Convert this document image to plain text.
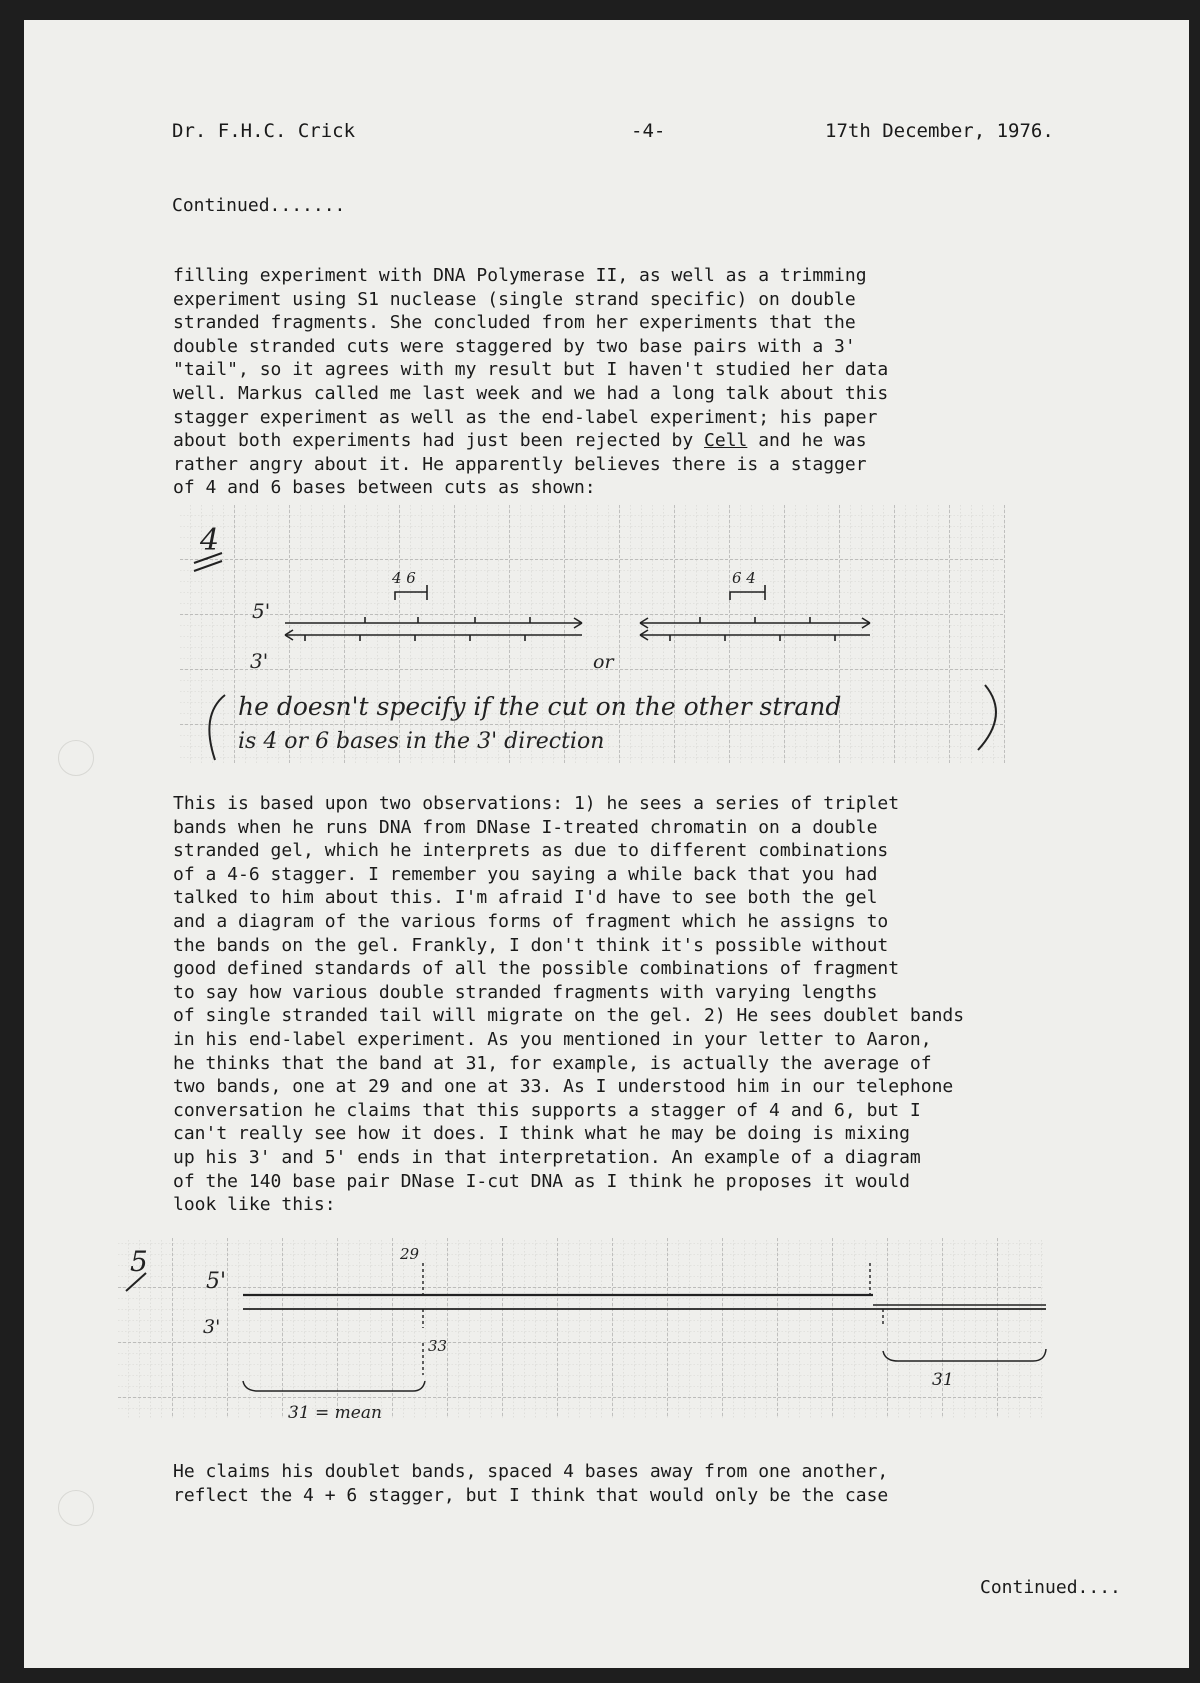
Dr. F.H.C. Crick	-4-	17th December, 1976.
Continued.......
filling experiment with DNA Polymerase II, as well as a trimming
experiment using S1 nuclease (single strand specific) on double
stranded fragments. She concluded from her experiments that the
double stranded cuts were staggered by two base pairs with a 3'
"tail", so it agrees with my result but I haven't studied her data
well. Markus called me last week and we had a long talk about this
stagger experiment as well as the end-label experiment; his paper
about both experiments had just been rejected by Cell and he was
rather angry about it. He apparently believes there is a stagger
of 4 and 6 bases between cuts as shown:
4
5'
3'
4 6	6 4
or
he doesn't specify if the cut on the other strand
is 4 or 6 bases in the 3' direction
This is based upon two observations: 1) he sees a series of triplet
bands when he runs DNA from DNase I-treated chromatin on a double
stranded gel, which he interprets as due to different combinations
of a 4-6 stagger. I remember you saying a while back that you had
talked to him about this. I'm afraid I'd have to see both the gel
and a diagram of the various forms of fragment which he assigns to
the bands on the gel. Frankly, I don't think it's possible without
good defined standards of all the possible combinations of fragment
to say how various double stranded fragments with varying lengths
of single stranded tail will migrate on the gel. 2) He sees doublet bands
in his end-label experiment. As you mentioned in your letter to Aaron,
he thinks that the band at 31, for example, is actually the average of
two bands, one at 29 and one at 33. As I understood him in our telephone
conversation he claims that this supports a stagger of 4 and 6, but I
can't really see how it does. I think what he may be doing is mixing
up his 3' and 5' ends in that interpretation. An example of a diagram
of the 140 base pair DNase I-cut DNA as I think he proposes it would
look like this:
5
5'
3'
29
33
31 = mean
31
He claims his doublet bands, spaced 4 bases away from one another,
reflect the 4 + 6 stagger, but I think that would only be the case
Continued....
